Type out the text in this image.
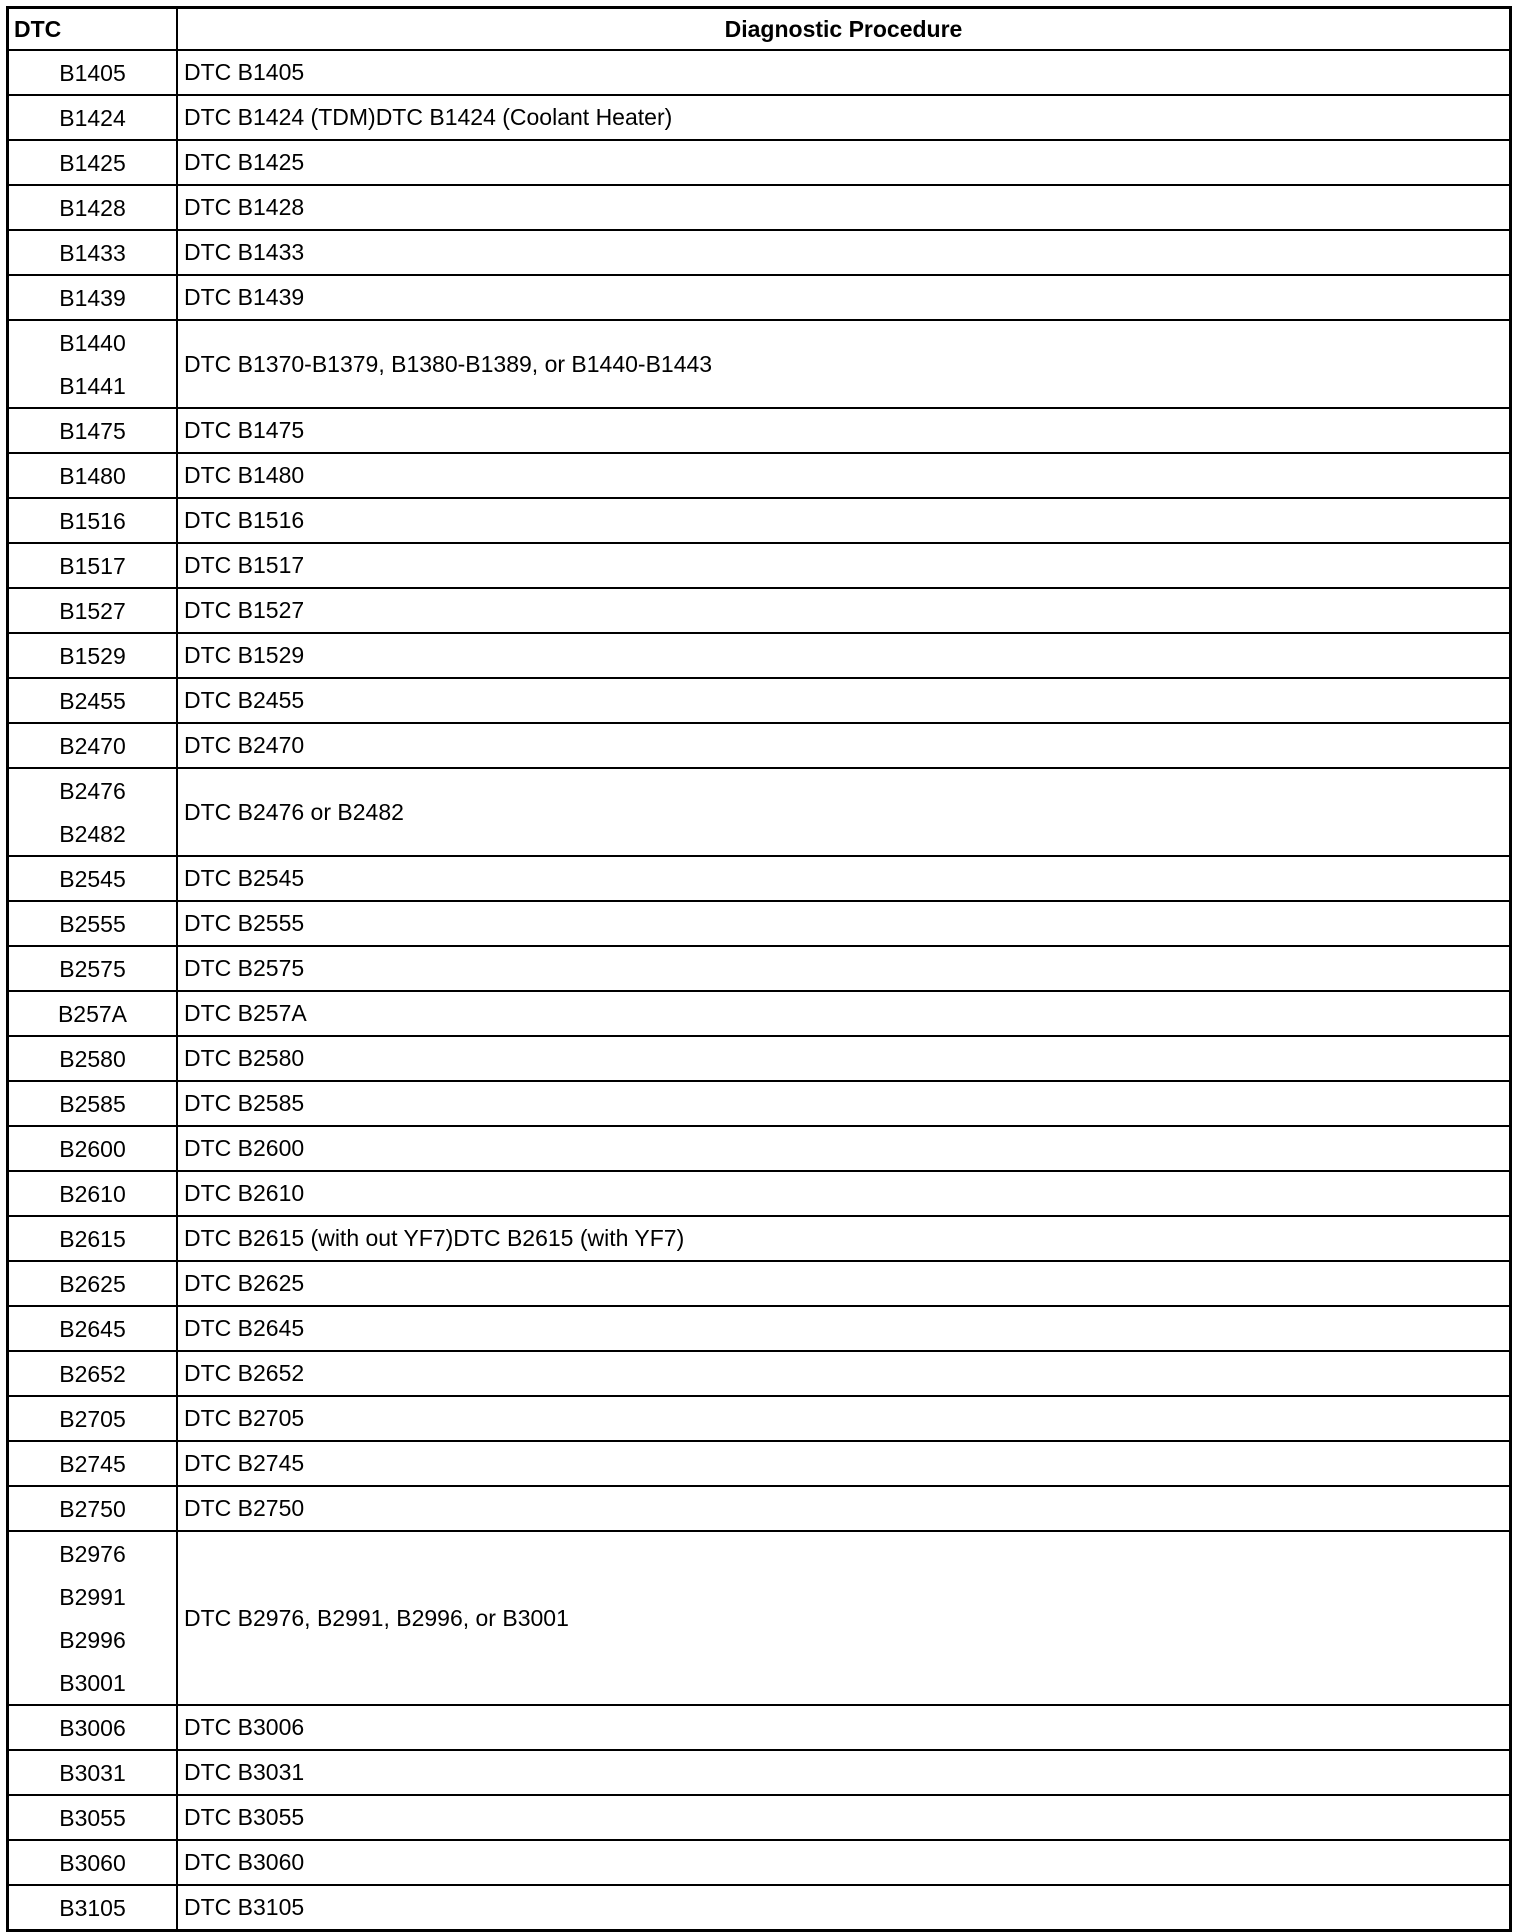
DTC	Diagnostic Procedure

B1405	DTC B1405

B1424	DTC B1424 (TDM)DTC B1424 (Coolant Heater)

B1425	DTC B1425

B1428	DTC B1428

B1433	DTC B1433

B1439	DTC B1439

B1440
B1441	DTC B1370-B1379, B1380-B1389, or B1440-B1443

B1475	DTC B1475

B1480	DTC B1480

B1516	DTC B1516

B1517	DTC B1517

B1527	DTC B1527

B1529	DTC B1529

B2455	DTC B2455

B2470	DTC B2470

B2476
B2482	DTC B2476 or B2482

B2545	DTC B2545

B2555	DTC B2555

B2575	DTC B2575

B257A	DTC B257A

B2580	DTC B2580

B2585	DTC B2585

B2600	DTC B2600

B2610	DTC B2610

B2615	DTC B2615 (with out YF7)DTC B2615 (with YF7)

B2625	DTC B2625

B2645	DTC B2645

B2652	DTC B2652

B2705	DTC B2705

B2745	DTC B2745

B2750	DTC B2750

B2976
B2991
B2996
B3001	DTC B2976, B2991, B2996, or B3001

B3006	DTC B3006

B3031	DTC B3031

B3055	DTC B3055

B3060	DTC B3060

B3105	DTC B3105
